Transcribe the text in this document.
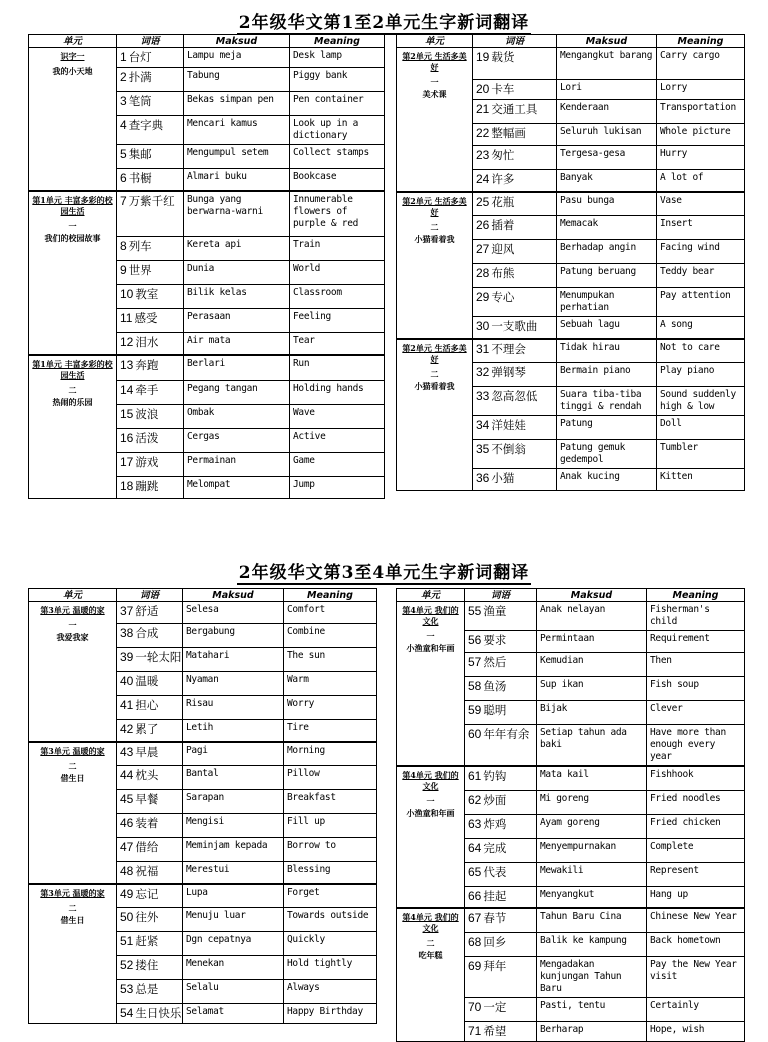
2年级华文第1至2单元生字新词翻译
2年级华文第3至4单元生字新词翻译
单元	词语	Maksud	Meaning

识字一
我的小天地	1 台灯	Lampu meja	Desk lamp
	2 扑满	Tabung	Piggy bank
	3 笔筒	Bekas simpan pen	Pen container
	4 查字典	Mencari kamus	Look up in a dictionary
	5 集邮	Mengumpul setem	Collect stamps
	6 书橱	Almari buku	Bookcase

第1单元 丰富多彩的校园生活
一
我们的校园故事	7 万紫千红	Bunga yang berwarna-warni	Innumerable flowers of purple & red
	8 列车	Kereta api	Train
	9 世界	Dunia	World
	10 教室	Bilik kelas	Classroom
	11 感受	Perasaan	Feeling
	12 泪水	Air mata	Tear

第1单元 丰富多彩的校园生活
二
热闹的乐园	13 奔跑	Berlari	Run
	14 牵手	Pegang tangan	Holding hands
	15 波浪	Ombak	Wave
	16 活泼	Cergas	Active
	17 游戏	Permainan	Game
	18 蹦跳	Melompat	Jump
单元	词语	Maksud	Meaning

第2单元 生活多美好
一
美术课	19 载货	Mengangkut barang	Carry cargo
	20 卡车	Lori	Lorry
	21 交通工具	Kenderaan	Transportation
	22 整幅画	Seluruh lukisan	Whole picture
	23 匆忙	Tergesa-gesa	Hurry
	24 许多	Banyak	A lot of

第2单元 生活多美好
二
小猫看着我	25 花瓶	Pasu bunga	Vase
	26 插着	Memacak	Insert
	27 迎风	Berhadap angin	Facing wind
	28 布熊	Patung beruang	Teddy bear
	29 专心	Menumpukan perhatian	Pay attention
	30 一支歌曲	Sebuah lagu	A song

第2单元 生活多美好
二
小猫看着我	31 不理会	Tidak hirau	Not to care
	32 弹钢琴	Bermain piano	Play piano
	33 忽高忽低	Suara tiba-tiba tinggi & rendah	Sound suddenly high & low
	34 洋娃娃	Patung	Doll
	35 不倒翁	Patung gemuk gedempol	Tumbler
	36 小猫	Anak kucing	Kitten
单元	词语	Maksud	Meaning

第3单元 温暖的家
一
我爱我家	37 舒适	Selesa	Comfort
	38 合成	Bergabung	Combine
	39 一轮太阳	Matahari	The sun
	40 温暖	Nyaman	Warm
	41 担心	Risau	Worry
	42 累了	Letih	Tire

第3单元 温暖的家
二
借生日	43 早晨	Pagi	Morning
	44 枕头	Bantal	Pillow
	45 早餐	Sarapan	Breakfast
	46 装着	Mengisi	Fill up
	47 借给	Meminjam kepada	Borrow to
	48 祝福	Merestui	Blessing

第3单元 温暖的家
二
借生日	49 忘记	Lupa	Forget
	50 往外	Menuju luar	Towards outside
	51 赶紧	Dgn cepatnya	Quickly
	52 搂住	Menekan	Hold tightly
	53 总是	Selalu	Always
	54 生日快乐	Selamat	Happy Birthday
单元	词语	Maksud	Meaning

第4单元 我们的文化
一
小渔童和年画	55 渔童	Anak nelayan	Fisherman's child
	56 要求	Permintaan	Requirement
	57 然后	Kemudian	Then
	58 鱼汤	Sup ikan	Fish soup
	59 聪明	Bijak	Clever
	60 年年有余	Setiap tahun ada baki	Have more than enough every year

第4单元 我们的文化
一
小渔童和年画	61 钓钩	Mata kail	Fishhook
	62 炒面	Mi goreng	Fried noodles
	63 炸鸡	Ayam goreng	Fried chicken
	64 完成	Menyempurnakan	Complete
	65 代表	Mewakili	Represent
	66 挂起	Menyangkut	Hang up

第4单元 我们的文化
二
吃年糕	67 春节	Tahun Baru Cina	Chinese New Year
	68 回乡	Balik ke kampung	Back hometown
	69 拜年	Mengadakan kunjungan Tahun Baru	Pay the New Year visit
	70 一定	Pasti, tentu	Certainly
	71 希望	Berharap	Hope, wish
